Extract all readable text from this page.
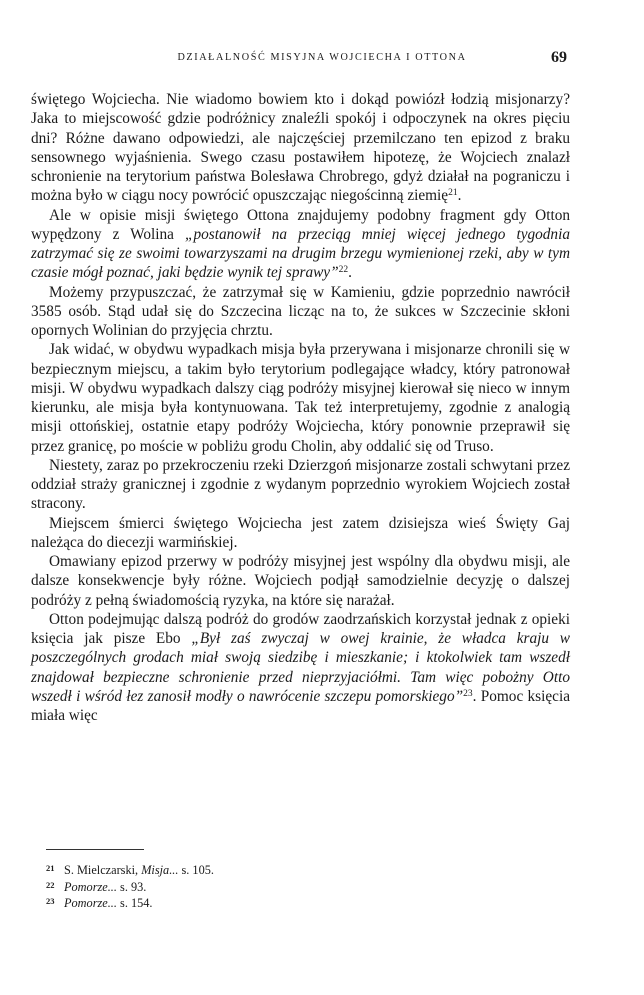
DZIAŁALNOŚĆ MISYJNA WOJCIECHA I OTTONA	69

świętego Wojciecha. Nie wiadomo bowiem kto i dokąd powiózł łodzią misjonarzy? Jaka to miejscowość gdzie podróżnicy znaleźli spokój i odpoczynek na okres pięciu dni? Różne dawano odpowiedzi, ale najczęściej przemilczano ten epizod z braku sensownego wyjaśnienia. Swego czasu postawiłem hipotezę, że Wojciech znalazł schronienie na terytorium państwa Bolesława Chrobrego, gdyż działał na pograniczu i można było w ciągu nocy powrócić opuszczając niegościnną ziemię$^{21}$.

Ale w opisie misji świętego Ottona znajdujemy podobny fragment gdy Otton wypędzony z Wolina „postanowił na przeciąg mniej więcej jednego tygodnia zatrzymać się ze swoimi towarzyszami na drugim brzegu wymienionej rzeki, aby w tym czasie mógł poznać, jaki będzie wynik tej sprawy”$^{22}$.

Możemy przypuszczać, że zatrzymał się w Kamieniu, gdzie poprzednio nawrócił 3585 osób. Stąd udał się do Szczecina licząc na to, że sukces w Szczecinie skłoni opornych Wolinian do przyjęcia chrztu.

Jak widać, w obydwu wypadkach misja była przerywana i misjonarze chronili się w bezpiecznym miejscu, a takim było terytorium podlegające władcy, który patronował misji. W obydwu wypadkach dalszy ciąg podróży misyjnej kierował się nieco w innym kierunku, ale misja była kontynuowana. Tak też interpretujemy, zgodnie z analogią misji ottońskiej, ostatnie etapy podróży Wojciecha, który ponownie przeprawił się przez granicę, po moście w pobliżu grodu Cholin, aby oddalić się od Truso.

Niestety, zaraz po przekroczeniu rzeki Dzierzgoń misjonarze zostali schwytani przez oddział straży granicznej i zgodnie z wydanym poprzednio wyrokiem Wojciech został stracony.

Miejscem śmierci świętego Wojciecha jest zatem dzisiejsza wieś Święty Gaj należąca do diecezji warmińskiej.

Omawiany epizod przerwy w podróży misyjnej jest wspólny dla obydwu misji, ale dalsze konsekwencje były różne. Wojciech podjął samodzielnie decyzję o dalszej podróży z pełną świadomością ryzyka, na które się narażał.

Otton podejmując dalszą podróż do grodów zaodrzańskich korzystał jednak z opieki księcia jak pisze Ebo „Był zaś zwyczaj w owej krainie, że władca kraju w poszczególnych grodach miał swoją siedzibę i mieszkanie; i ktokolwiek tam wszedł znajdował bezpieczne schronienie przed nieprzyjaciółmi. Tam więc pobożny Otto wszedł i wśród łez zanosił modły o nawrócenie szczepu pomorskiego”$^{23}$. Pomoc księcia miała więc

21 S. Mielczarski, Misja... s. 105.
22 Pomorze... s. 93.
23 Pomorze... s. 154.
